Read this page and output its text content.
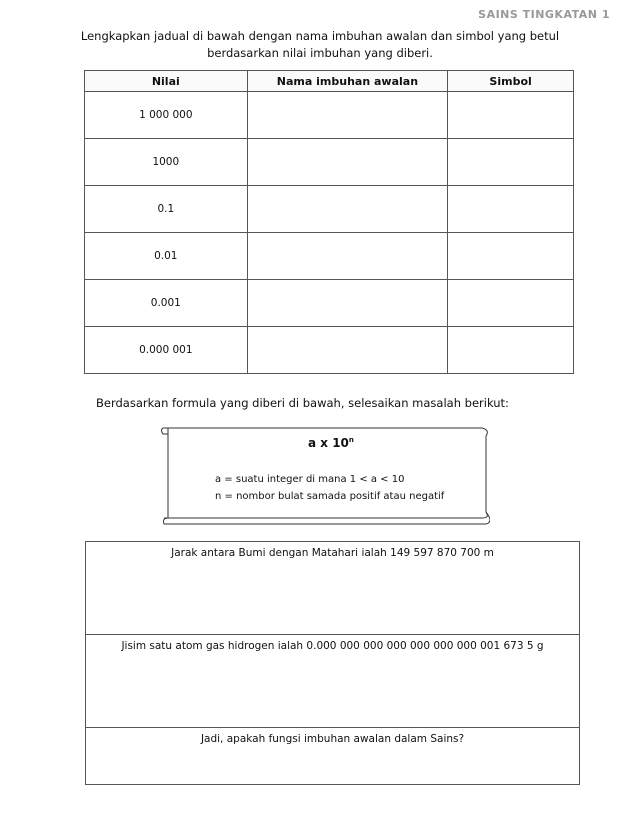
SAINS TINGKATAN 1
Lengkapkan jadual di bawah dengan nama imbuhan awalan dan simbol yang betul
berdasarkan nilai imbuhan yang diberi.
Nilai	Nama imbuhan awalan	Simbol
1 000 000		
1000		
0.1		
0.01		
0.001		
0.000 001		
Berdasarkan formula yang diberi di bawah, selesaikan masalah berikut:
a x 10$^n$
a = suatu integer di mana 1 < a < 10
n = nombor bulat samada positif atau negatif
Jarak antara Bumi dengan Matahari ialah 149 597 870 700 m
Jisim satu atom gas hidrogen ialah 0.000 000 000 000 000 000 000 001 673 5 g
Jadi, apakah fungsi imbuhan awalan dalam Sains?
